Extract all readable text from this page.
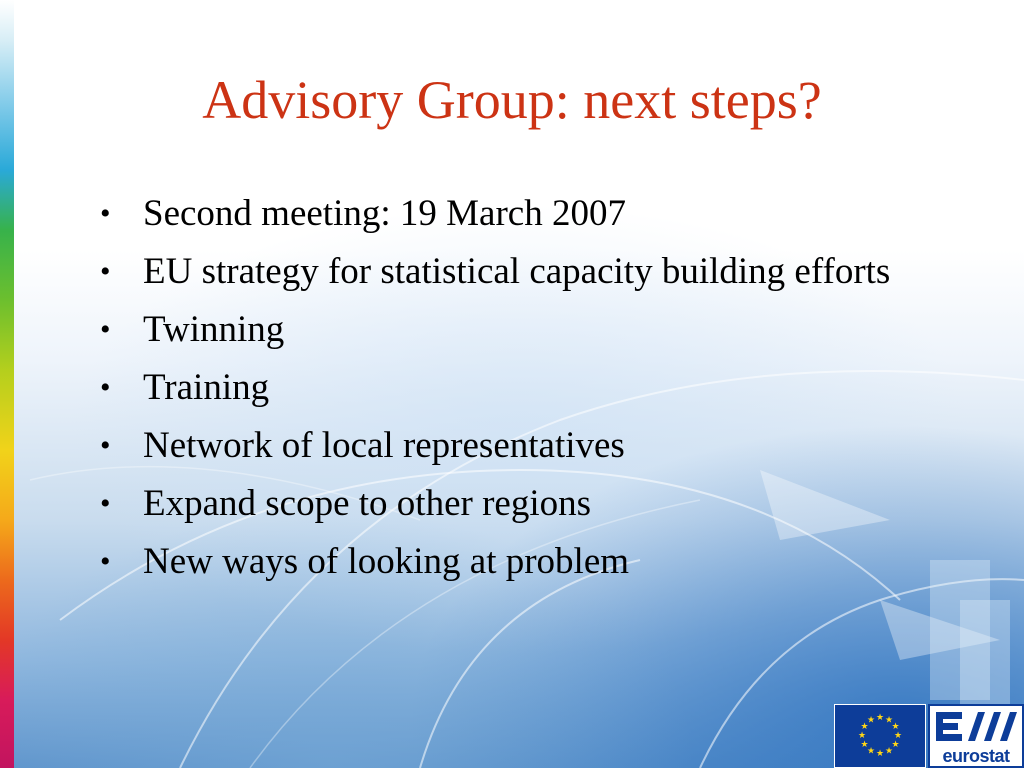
Advisory Group: next steps?
• Second meeting: 19 March 2007
• EU strategy for statistical capacity building efforts
• Twinning
• Training
• Network of local representatives
• Expand scope to other regions
• New ways of looking at problem
★ ★
★
★
★
★
★
★
★
★
★
★
eurostat
